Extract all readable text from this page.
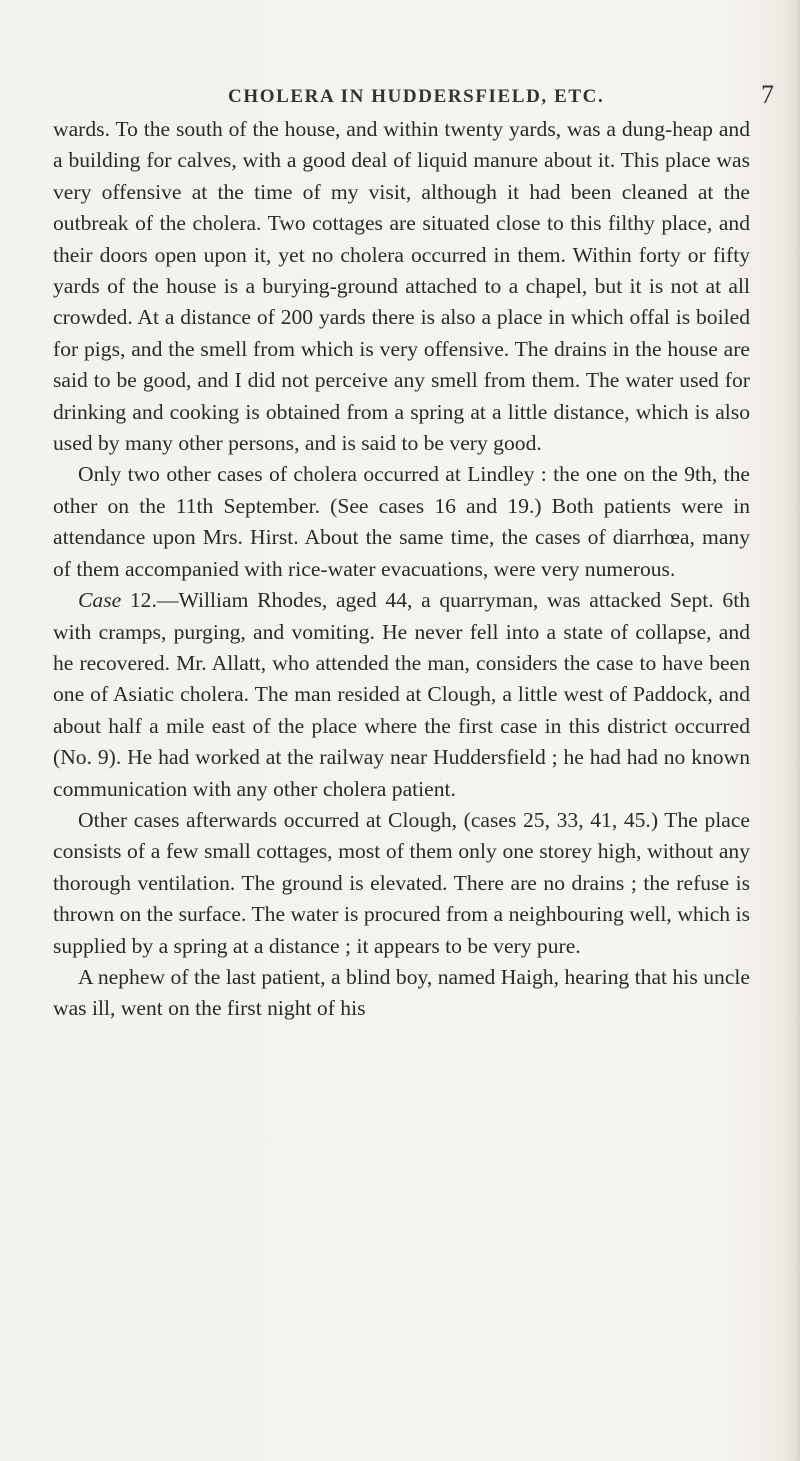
CHOLERA IN HUDDERSFIELD, ETC.	7

wards. To the south of the house, and within twenty yards, was a dung-heap and a building for calves, with a good deal of liquid manure about it. This place was very offensive at the time of my visit, although it had been cleaned at the outbreak of the cholera. Two cottages are situated close to this filthy place, and their doors open upon it, yet no cholera occurred in them. Within forty or fifty yards of the house is a burying-ground attached to a chapel, but it is not at all crowded. At a distance of 200 yards there is also a place in which offal is boiled for pigs, and the smell from which is very offensive. The drains in the house are said to be good, and I did not perceive any smell from them. The water used for drinking and cooking is obtained from a spring at a little distance, which is also used by many other persons, and is said to be very good.

Only two other cases of cholera occurred at Lindley : the one on the 9th, the other on the 11th September. (See cases 16 and 19.) Both patients were in attendance upon Mrs. Hirst. About the same time, the cases of diarrhœa, many of them accompanied with rice-water evacuations, were very numerous.

Case 12.—William Rhodes, aged 44, a quarryman, was attacked Sept. 6th with cramps, purging, and vomiting. He never fell into a state of collapse, and he recovered. Mr. Allatt, who attended the man, considers the case to have been one of Asiatic cholera. The man resided at Clough, a little west of Paddock, and about half a mile east of the place where the first case in this district occurred (No. 9). He had worked at the railway near Huddersfield ; he had had no known communication with any other cholera patient.

Other cases afterwards occurred at Clough, (cases 25, 33, 41, 45.) The place consists of a few small cottages, most of them only one storey high, without any thorough ventilation. The ground is elevated. There are no drains ; the refuse is thrown on the surface. The water is procured from a neighbouring well, which is supplied by a spring at a distance ; it appears to be very pure.

A nephew of the last patient, a blind boy, named Haigh, hearing that his uncle was ill, went on the first night of his
